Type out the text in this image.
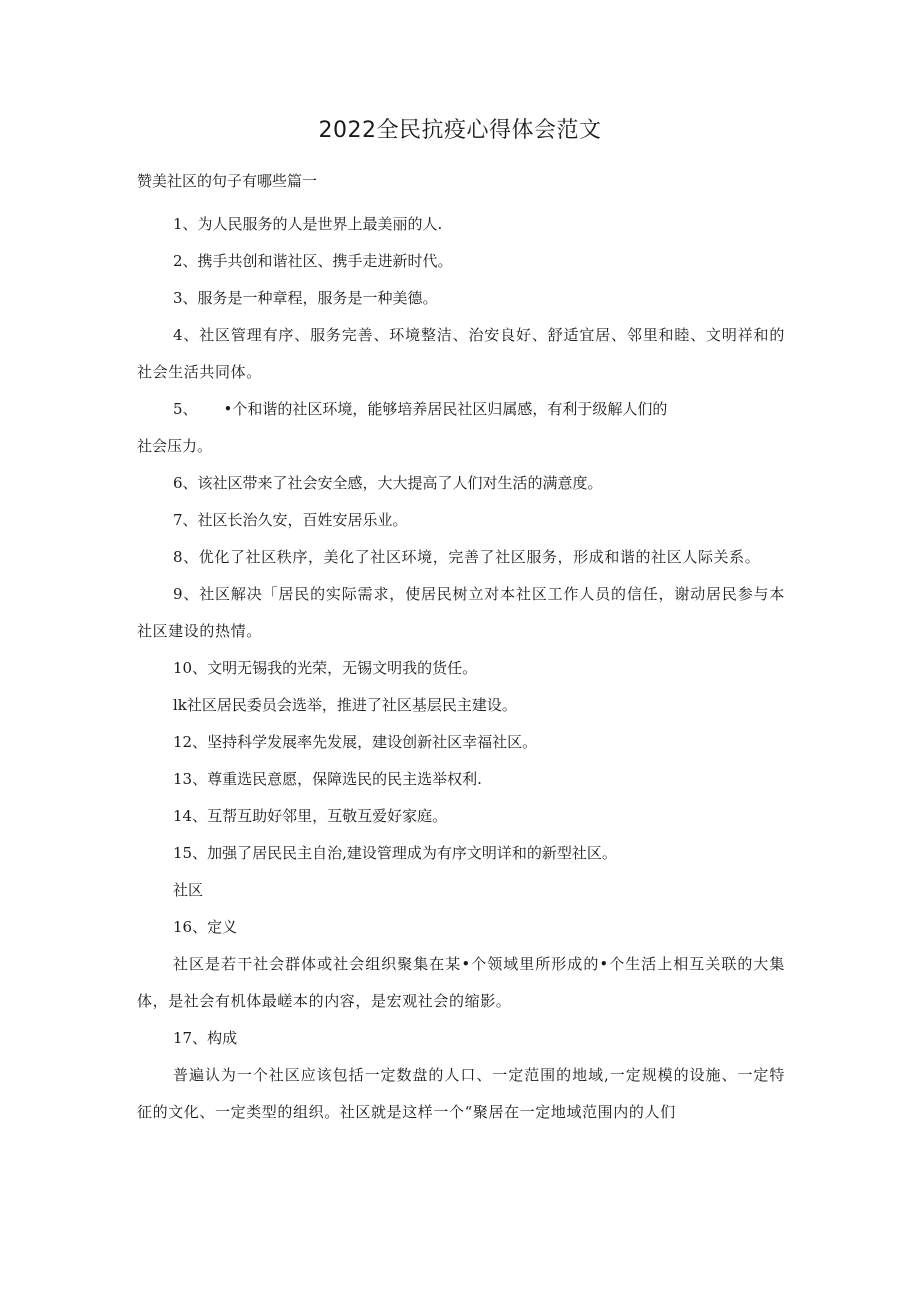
2022全民抗疫心得体会范文

赞美社区的句子有哪些篇一

1、为人民服务的人是世界上最美丽的人.

2、携手共创和谐社区、携手走进新时代。

3、服务是一种章程，服务是一种美德。

4、社区管理有序、服务完善、环境整洁、治安良好、舒适宜居、邻里和睦、文明祥和的社会生活共同体。

5、 •个和谐的社区环境，能够培养居民社区归属感，有利于级解人们的

社会压力。

6、该社区带来了社会安全感，大大提高了人们对生活的满意度。

7、社区长治久安，百姓安居乐业。

8、优化了社区秩序，美化了社区环境，完善了社区服务，形成和谐的社区人际关系。

9、社区解决「居民的实际需求，使居民树立对本社区工作人员的信任，谢动居民参与本社区建设的热情。

10、文明无锡我的光荣，无锡文明我的货任。

lk社区居民委员会选举，推进了社区基层民主建设。

12、坚持科学发展率先发展，建设创新社区幸福社区。

13、尊重选民意愿，保障选民的民主选举权利.

14、互帮互助好邻里，互敬互爱好家庭。

15、加强了居民民主自治,建设管理成为有序文明详和的新型社区。

社区

16、定义

社区是若干社会群体或社会组织聚集在某•个领域里所形成的•个生活上相互关联的大集体，是社会有机体最嵯本的内容，是宏观社会的缩影。

17、构成

普遍认为一个社区应该包括一定数盘的人口、一定范围的地域,一定规模的设施、一定特征的文化、一定类型的组织。社区就是这样一个“聚居在一定地域范围内的人们
